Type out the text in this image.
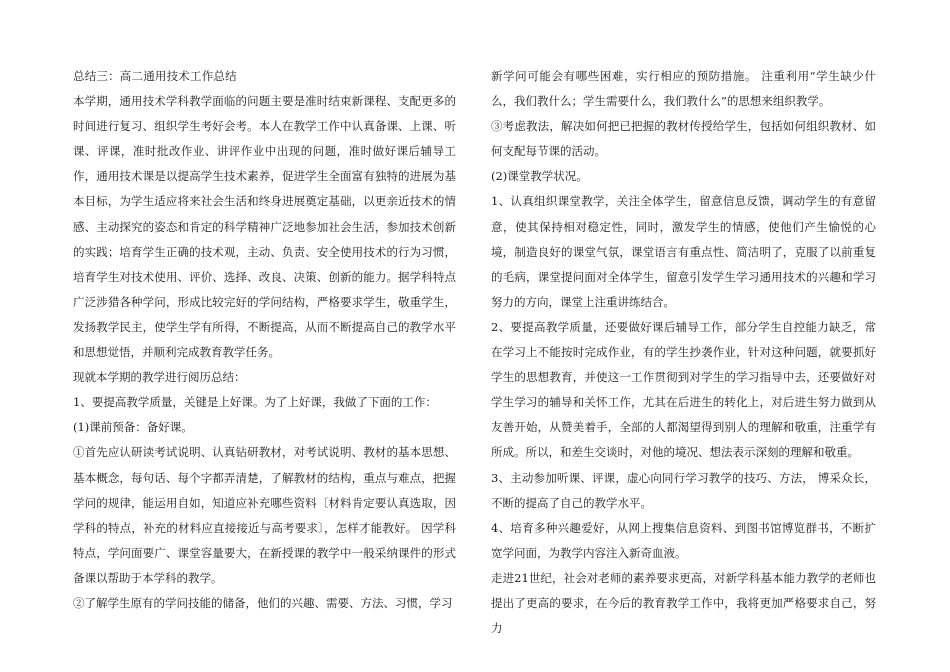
总结三：高二通用技术工作总结

本学期，通用技术学科教学面临的问题主要是准时结束新课程、支配更多的时间进行复习、组织学生考好会考。本人在教学工作中认真备课、上课、听课、评课，准时批改作业、讲评作业中出现的问题，准时做好课后辅导工作，通用技术课是以提高学生技术素养，促进学生全面富有独特的进展为基本目标，为学生适应将来社会生活和终身进展奠定基础，以更亲近技术的情感、主动探究的姿态和肯定的科学精神广泛地参加社会生活，参加技术创新的实践；培育学生正确的技术观，主动、负责、安全使用技术的行为习惯，培育学生对技术使用、评价、选择、改良、决策、创新的能力。据学科特点广泛涉猎各种学问，形成比较完好的学问结构，严格要求学生，敬重学生，发扬教学民主，使学生学有所得，不断提高，从而不断提高自己的教学水平和思想觉悟，并顺利完成教育教学任务。

现就本学期的教学进行阅历总结：

1、要提高教学质量，关键是上好课。为了上好课，我做了下面的工作：

(1)课前预备：备好课。

①首先应认研读考试说明、认真钻研教材，对考试说明、教材的基本思想、基本概念，每句话、每个字都弄清楚，了解教材的结构，重点与难点，把握学问的规律，能运用自如，知道应补充哪些资料〔材料肯定要认真选取，因学科的特点，补充的材料应直接接近与高考要求〕，怎样才能教好。 因学科特点，学问面要广、课堂容量要大，在新授课的教学中一般采纳课件的形式备课以帮助于本学科的教学。

②了解学生原有的学问技能的储备，他们的兴趣、需要、方法、习惯，学习

新学问可能会有哪些困难，实行相应的预防措施。 注重利用“学生缺少什么，我们教什么；学生需要什么，我们教什么”的思想来组织教学。

③考虑教法，解决如何把已把握的教材传授给学生，包括如何组织教材、如何支配每节课的活动。

(2)课堂教学状况。

1、认真组织课堂教学，关注全体学生，留意信息反馈，调动学生的有意留意，使其保持相对稳定性，同时，激发学生的情感，使他们产生愉悦的心境，制造良好的课堂气氛，课堂语言有重点性、简洁明了，克服了以前重复的毛病，课堂提问面对全体学生，留意引发学生学习通用技术的兴趣和学习努力的方向，课堂上注重讲练结合。

2、要提高教学质量，还要做好课后辅导工作，部分学生自控能力缺乏，常在学习上不能按时完成作业，有的学生抄袭作业，针对这种问题，就要抓好学生的思想教育，并使这一工作贯彻到对学生的学习指导中去，还要做好对学生学习的辅导和关怀工作，尤其在后进生的转化上，对后进生努力做到从友善开始，从赞美着手，全部的人都渴望得到别人的理解和敬重，注重学有所成。所以，和差生交谈时，对他的境况、想法表示深刻的理解和敬重。

3、主动参加听课、评课，虚心向同行学习教学的技巧、方法， 博采众长，不断的提高了自己的教学水平。

4、培育多种兴趣爱好，从网上搜集信息资料、到图书馆博览群书，不断扩宽学问面，为教学内容注入新奇血液。

走进21世纪，社会对老师的素养要求更高，对新学科基本能力教学的老师也提出了更高的要求，在今后的教育教学工作中，我将更加严格要求自己，努力
